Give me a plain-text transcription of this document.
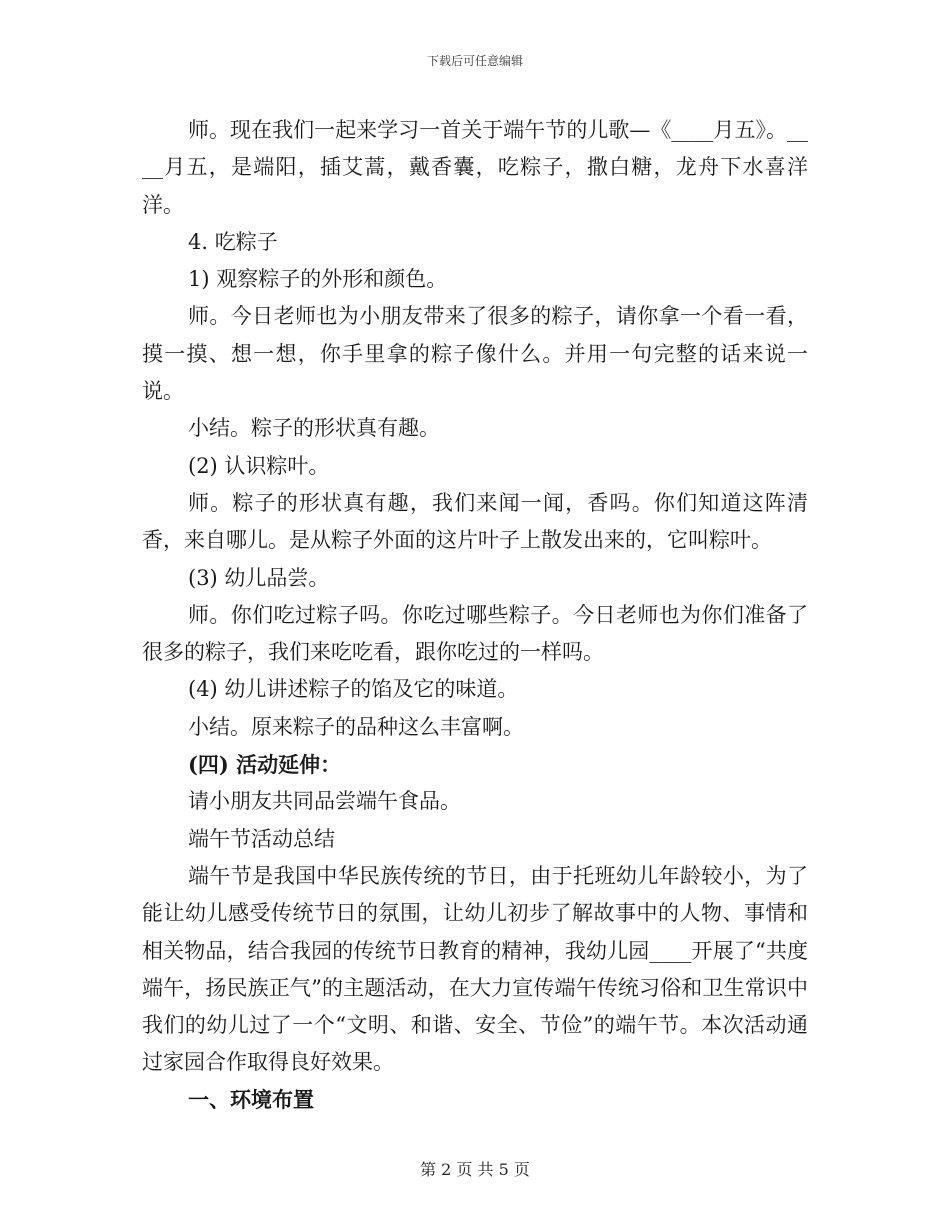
下载后可任意编辑

师。现在我们一起来学习一首关于端午节的儿歌—《____月五》。____月五，是端阳，插艾蒿，戴香囊，吃粽子，撒白糖，龙舟下水喜洋洋。

4. 吃粽子

1) 观察粽子的外形和颜色。

师。今日老师也为小朋友带来了很多的粽子，请你拿一个看一看，摸一摸、想一想，你手里拿的粽子像什么。并用一句完整的话来说一说。

小结。粽子的形状真有趣。

(2) 认识粽叶。

师。粽子的形状真有趣，我们来闻一闻，香吗。你们知道这阵清香，来自哪儿。是从粽子外面的这片叶子上散发出来的，它叫粽叶。

(3) 幼儿品尝。

师。你们吃过粽子吗。你吃过哪些粽子。今日老师也为你们准备了很多的粽子，我们来吃吃看，跟你吃过的一样吗。

(4) 幼儿讲述粽子的馅及它的味道。

小结。原来粽子的品种这么丰富啊。

(四) 活动延伸：

请小朋友共同品尝端午食品。

端午节活动总结

端午节是我国中华民族传统的节日，由于托班幼儿年龄较小，为了能让幼儿感受传统节日的氛围，让幼儿初步了解故事中的人物、事情和相关物品，结合我园的传统节日教育的精神，我幼儿园____开展了“共度端午，扬民族正气”的主题活动，在大力宣传端午传统习俗和卫生常识中我们的幼儿过了一个“文明、和谐、安全、节俭”的端午节。本次活动通过家园合作取得良好效果。

一、环境布置

第 2 页 共 5 页
